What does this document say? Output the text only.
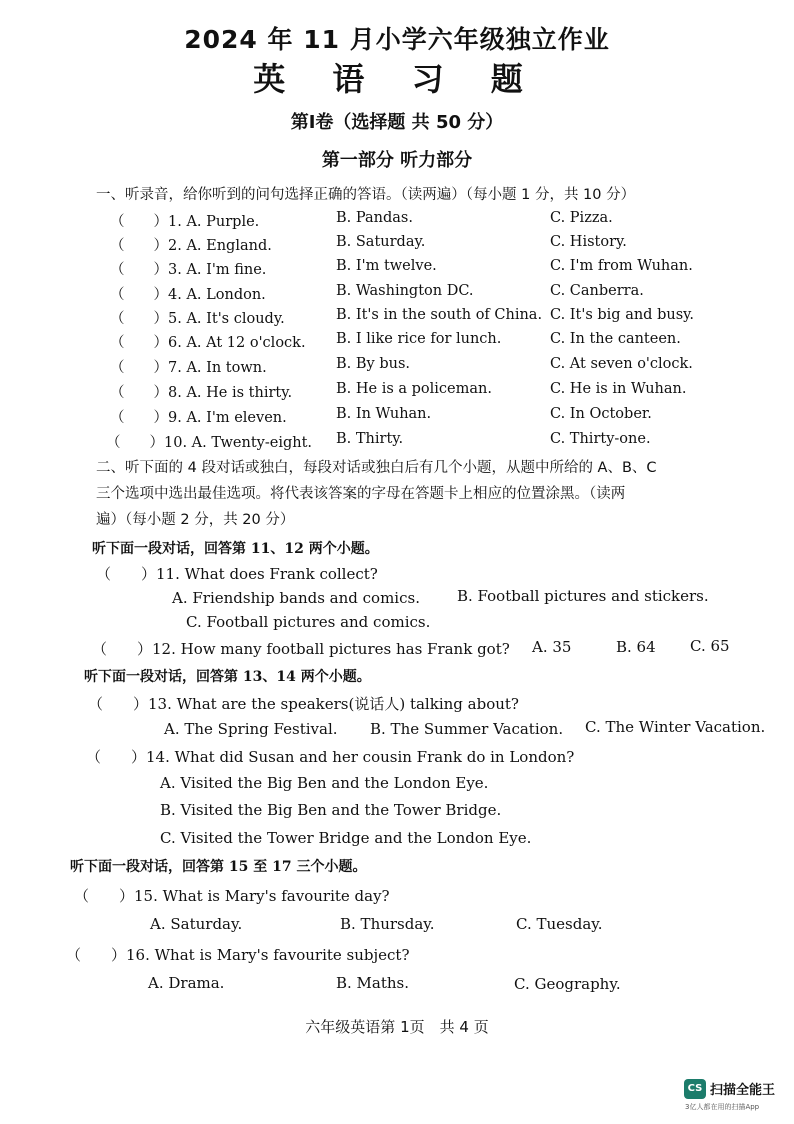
2024 年 11 月小学六年级独立作业
英 语 习 题
第Ⅰ卷（选择题 共 50 分）
第一部分 听力部分
一、听录音，给你听到的问句选择正确的答语。（读两遍）（每小题 1 分，共 10 分）
（　　）1. A. Purple.	B. Pandas.	C. Pizza.
（　　）2. A. England.	B. Saturday.	C. History.
（　　）3. A. I'm fine.	B. I'm twelve.	C. I'm from Wuhan.
（　　）4. A. London.	B. Washington DC.	C. Canberra.
（　　）5. A. It's cloudy.	B. It's in the south of China. C. It's big and busy.
（　　）6. A. At 12 o'clock. B. I like rice for lunch.	C. In the canteen.
（　　）7. A. In town.	B. By bus.	C. At seven o'clock.
（　　）8. A. He is thirty.	B. He is a policeman.	C. He is in Wuhan.
（　　）9. A. I'm eleven.	B. In Wuhan.	C. In October.
（　　）10. A. Twenty-eight. B. Thirty.	C. Thirty-one.
二、听下面的 4 段对话或独白，每段对话或独白后有几个小题，从题中所给的 A、B、C
三个选项中选出最佳选项。将代表该答案的字母在答题卡上相应的位置涂黑。（读两
遍）（每小题 2 分，共 20 分）
听下面一段对话，回答第 11、12 两个小题。
（　　）11. What does Frank collect?
A. Friendship bands and comics. B. Football pictures and stickers.
C. Football pictures and comics.
（　　）12. How many football pictures has Frank got? A. 35	B. 64 C. 65
听下面一段对话，回答第 13、14 两个小题。
（　　）13. What are the speakers(说话人) talking about?
A. The Spring Festival. B. The Summer Vacation. C. The Winter Vacation.
（　　）14. What did Susan and her cousin Frank do in London?
A. Visited the Big Ben and the London Eye.
B. Visited the Big Ben and the Tower Bridge.
C. Visited the Tower Bridge and the London Eye.
听下面一段对话，回答第 15 至 17 三个小题。
（　　）15. What is Mary's favourite day?
A. Saturday.	B. Thursday.	C. Tuesday.
（　　）16. What is Mary's favourite subject?
A. Drama.	B. Maths.	C. Geography.
六年级英语第 1页　共 4 页
CS 扫描全能王
3亿人都在用的扫描App
